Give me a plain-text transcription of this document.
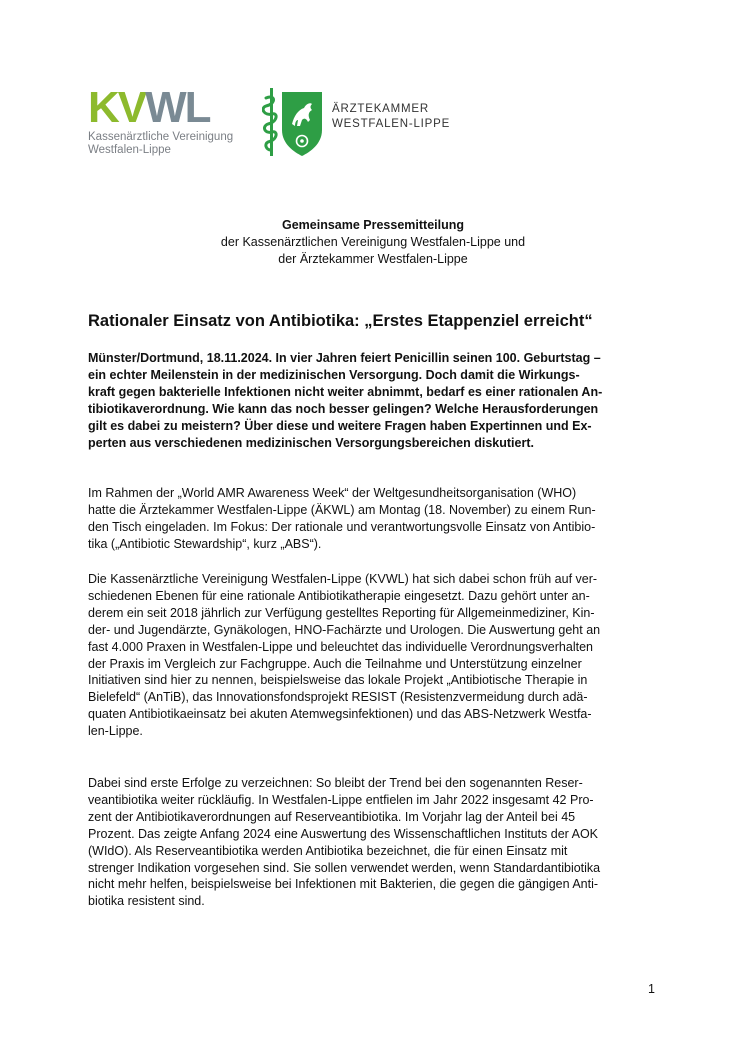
KVWL
Kassenärztliche Vereinigung
Westfalen-Lippe
ÄRZTEKAMMER
WESTFALEN-LIPPE
Gemeinsame Pressemitteilung
der Kassenärztlichen Vereinigung Westfalen-Lippe und
der Ärztekammer Westfalen-Lippe
Rationaler Einsatz von Antibiotika: „Erstes Etappenziel erreicht“
Münster/Dortmund, 18.11.2024. In vier Jahren feiert Penicillin seinen 100. Geburtstag –
ein echter Meilenstein in der medizinischen Versorgung. Doch damit die Wirkungs-
kraft gegen bakterielle Infektionen nicht weiter abnimmt, bedarf es einer rationalen An-
tibiotikaverordnung. Wie kann das noch besser gelingen? Welche Herausforderungen
gilt es dabei zu meistern? Über diese und weitere Fragen haben Expertinnen und Ex-
perten aus verschiedenen medizinischen Versorgungsbereichen diskutiert.
Im Rahmen der „World AMR Awareness Week“ der Weltgesundheitsorganisation (WHO)
hatte die Ärztekammer Westfalen-Lippe (ÄKWL) am Montag (18. November) zu einem Run-
den Tisch eingeladen. Im Fokus: Der rationale und verantwortungsvolle Einsatz von Antibio-
tika („Antibiotic Stewardship“, kurz „ABS“).
Die Kassenärztliche Vereinigung Westfalen-Lippe (KVWL) hat sich dabei schon früh auf ver-
schiedenen Ebenen für eine rationale Antibiotikatherapie eingesetzt. Dazu gehört unter an-
derem ein seit 2018 jährlich zur Verfügung gestelltes Reporting für Allgemeinmediziner, Kin-
der- und Jugendärzte, Gynäkologen, HNO-Fachärzte und Urologen. Die Auswertung geht an
fast 4.000 Praxen in Westfalen-Lippe und beleuchtet das individuelle Verordnungsverhalten
der Praxis im Vergleich zur Fachgruppe. Auch die Teilnahme und Unterstützung einzelner
Initiativen sind hier zu nennen, beispielsweise das lokale Projekt „Antibiotische Therapie in
Bielefeld“ (AnTiB), das Innovationsfondsprojekt RESIST (Resistenzvermeidung durch adä-
quaten Antibiotikaeinsatz bei akuten Atemwegsinfektionen) und das ABS-Netzwerk Westfa-
len-Lippe.
Dabei sind erste Erfolge zu verzeichnen: So bleibt der Trend bei den sogenannten Reser-
veantibiotika weiter rückläufig. In Westfalen-Lippe entfielen im Jahr 2022 insgesamt 42 Pro-
zent der Antibiotikaverordnungen auf Reserveantibiotika. Im Vorjahr lag der Anteil bei 45
Prozent. Das zeigte Anfang 2024 eine Auswertung des Wissenschaftlichen Instituts der AOK
(WIdO). Als Reserveantibiotika werden Antibiotika bezeichnet, die für einen Einsatz mit
strenger Indikation vorgesehen sind. Sie sollen verwendet werden, wenn Standardantibiotika
nicht mehr helfen, beispielsweise bei Infektionen mit Bakterien, die gegen die gängigen Anti-
biotika resistent sind.
1
